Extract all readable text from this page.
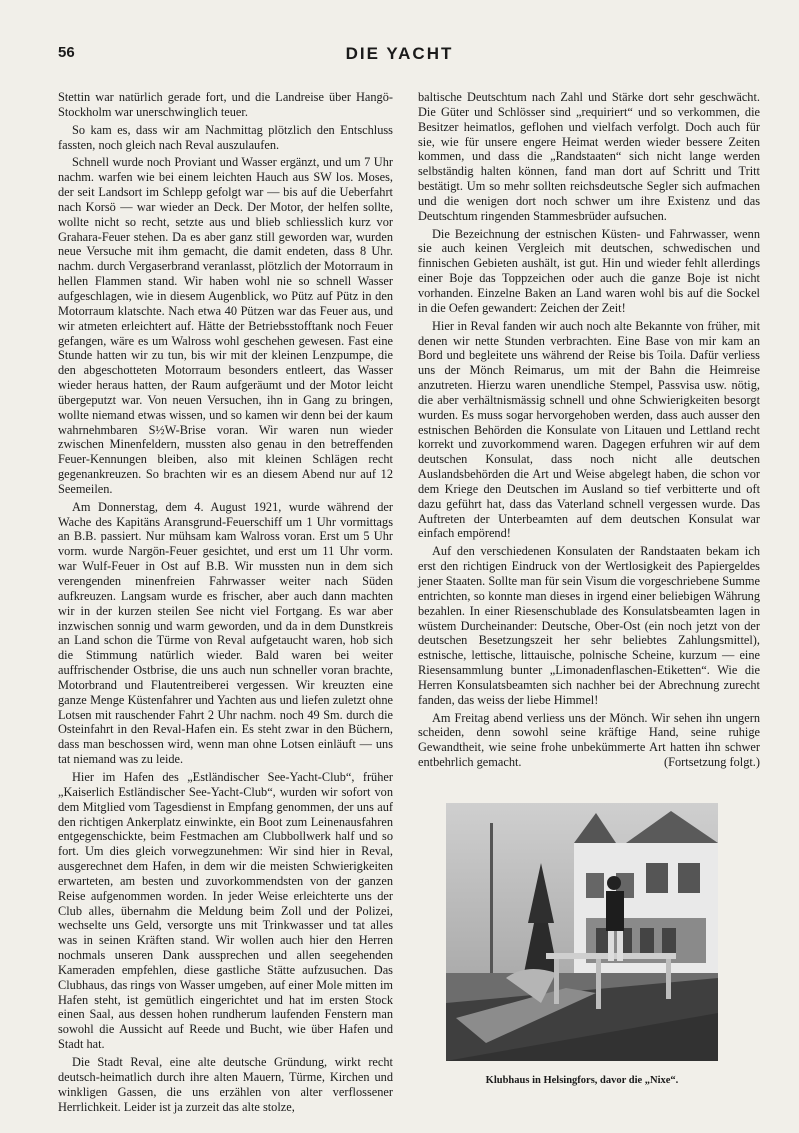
56	DIE YACHT

Stettin war natürlich gerade fort, und die Landreise über Hangö-Stockholm war unerschwinglich teuer.

So kam es, dass wir am Nachmittag plötzlich den Entschluss fassten, noch gleich nach Reval auszulaufen.

Schnell wurde noch Proviant und Wasser ergänzt, und um 7 Uhr nachm. warfen wie bei einem leichten Hauch aus SW los. Moses, der seit Landsort im Schlepp gefolgt war — bis auf die Ueberfahrt nach Korsö — war wieder an Deck. Der Motor, der helfen sollte, wollte nicht so recht, setzte aus und blieb schliesslich kurz vor Grahara-Feuer stehen. Da es aber ganz still geworden war, wurden neue Versuche mit ihm gemacht, die damit endeten, dass 8 Uhr. nachm. durch Vergaserbrand veranlasst, plötzlich der Motorraum in hellen Flammen stand. Wir haben wohl nie so schnell Wasser aufgeschlagen, wie in diesem Augenblick, wo Pütz auf Pütz in den Motorraum klatschte. Nach etwa 40 Pützen war das Feuer aus, und wir atmeten erleichtert auf. Hätte der Betriebsstofftank noch Feuer gefangen, wäre es um Walross wohl geschehen gewesen. Fast eine Stunde hatten wir zu tun, bis wir mit der kleinen Lenzpumpe, die den abgeschotteten Motorraum besonders entleert, das Wasser wieder heraus hatten, der Raum aufgeräumt und der Motor leicht übergeputzt war. Von neuen Versuchen, ihn in Gang zu bringen, wollte niemand etwas wissen, und so kamen wir denn bei der kaum wahrnehmbaren S½W-Brise voran. Wir waren nun wieder zwischen Minenfeldern, mussten also genau in den betreffenden Feuer-Kennungen bleiben, also mit kleinen Schlägen recht gegenankreuzen. So brachten wir es an diesem Abend nur auf 12 Seemeilen.

Am Donnerstag, dem 4. August 1921, wurde während der Wache des Kapitäns Aransgrund-Feuerschiff um 1 Uhr vormittags an B.B. passiert. Nur mühsam kam Walross voran. Erst um 5 Uhr vorm. wurde Nargön-Feuer gesichtet, und erst um 11 Uhr vorm. war Wulf-Feuer in Ost auf B.B. Wir mussten nun in dem sich verengenden minenfreien Fahrwasser weiter nach Süden aufkreuzen. Langsam wurde es frischer, aber auch dann machten wir in der kurzen steilen See nicht viel Fortgang. Es war aber inzwischen sonnig und warm geworden, und da in dem Dunstkreis an Land schon die Türme von Reval aufgetaucht waren, hob sich die Stimmung natürlich wieder. Bald waren bei weiter auffrischender Ostbrise, die uns auch nun schneller voran brachte, Motorbrand und Flautentreiberei vergessen. Wir kreuzten eine ganze Menge Küstenfahrer und Yachten aus und liefen zuletzt ohne Lotsen mit rauschender Fahrt 2 Uhr nachm. noch 49 Sm. durch die Osteinfahrt in den Reval-Hafen ein. Es steht zwar in den Büchern, dass man beschossen wird, wenn man ohne Lotsen einläuft — uns tat niemand was zu leide.

Hier im Hafen des „Estländischer See-Yacht-Club“, früher „Kaiserlich Estländischer See-Yacht-Club“, wurden wir sofort von dem Mitglied vom Tagesdienst in Empfang genommen, der uns auf den richtigen Ankerplatz einwinkte, ein Boot zum Leinenausfahren entgegenschickte, beim Festmachen am Clubbollwerk half und so fort. Um dies gleich vorwegzunehmen: Wir sind hier in Reval, ausgerechnet dem Hafen, in dem wir die meisten Schwierigkeiten erwarteten, am besten und zuvorkommendsten von der ganzen Reise aufgenommen worden. In jeder Weise erleichterte uns der Club alles, übernahm die Meldung beim Zoll und der Polizei, wechselte uns Geld, versorgte uns mit Trinkwasser und tat alles was in seinen Kräften stand. Wir wollen auch hier den Herren nochmals unseren Dank aussprechen und allen seegehenden Kameraden empfehlen, diese gastliche Stätte aufzusuchen. Das Clubhaus, das rings von Wasser umgeben, auf einer Mole mitten im Hafen steht, ist gemütlich eingerichtet und hat im ersten Stock einen Saal, aus dessen hohen rundherum laufenden Fenstern man sowohl die Aussicht auf Reede und Bucht, wie über Hafen und Stadt hat.

Die Stadt Reval, eine alte deutsche Gründung, wirkt recht deutsch-heimatlich durch ihre alten Mauern, Türme, Kirchen und winkligen Gassen, die uns erzählen von alter verflossener Herrlichkeit. Leider ist ja zurzeit das alte stolze,

baltische Deutschtum nach Zahl und Stärke dort sehr geschwächt. Die Güter und Schlösser sind „requiriert“ und so verkommen, die Besitzer heimatlos, geflohen und vielfach verfolgt. Doch auch für sie, wie für unsere engere Heimat werden wieder bessere Zeiten kommen, und dass die „Randstaaten“ sich nicht lange werden selbständig halten können, fand man dort auf Schritt und Tritt bestätigt. Um so mehr sollten reichsdeutsche Segler sich aufmachen und die wenigen dort noch schwer um ihre Existenz und das Deutschtum ringenden Stammesbrüder aufsuchen.

Die Bezeichnung der estnischen Küsten- und Fahrwasser, wenn sie auch keinen Vergleich mit deutschen, schwedischen und finnischen Gebieten aushält, ist gut. Hin und wieder fehlt allerdings einer Boje das Toppzeichen oder auch die ganze Boje ist nicht vorhanden. Einzelne Baken an Land waren wohl bis auf die Sockel in die Oefen gewandert: Zeichen der Zeit!

Hier in Reval fanden wir auch noch alte Bekannte von früher, mit denen wir nette Stunden verbrachten. Eine Base von mir kam an Bord und begleitete uns während der Reise bis Toila. Dafür verliess uns der Mönch Reimarus, um mit der Bahn die Heimreise anzutreten. Hierzu waren unendliche Stempel, Passvisa usw. nötig, die aber verhältnismässig schnell und ohne Schwierigkeiten besorgt wurden. Es muss sogar hervorgehoben werden, dass auch ausser den estnischen Behörden die Konsulate von Litauen und Lettland recht korrekt und zuvorkommend waren. Dagegen erfuhren wir auf dem deutschen Konsulat, dass noch nicht alle deutschen Auslandsbehörden die Art und Weise abgelegt haben, die schon vor dem Kriege den Deutschen im Ausland so tief verbitterte und oft dazu geführt hat, dass das Vaterland schnell vergessen wurde. Das Auftreten der Unterbeamten auf dem deutschen Konsulat war einfach empörend!

Auf den verschiedenen Konsulaten der Randstaaten bekam ich erst den richtigen Eindruck von der Wertlosigkeit des Papiergeldes jener Staaten. Sollte man für sein Visum die vorgeschriebene Summe entrichten, so konnte man dieses in irgend einer beliebigen Währung bezahlen. In einer Riesenschublade des Konsulatsbeamten lagen in wüstem Durcheinander: Deutsche, Ober-Ost (ein noch jetzt von der deutschen Besetzungszeit her sehr beliebtes Zahlungsmittel), estnische, lettische, littauische, polnische Scheine, kurzum — eine Riesensammlung bunter „Limonadenflaschen-Etiketten“. Wie die Herren Konsulatsbeamten sich nachher bei der Abrechnung zurecht fanden, das weiss der liebe Himmel!

Am Freitag abend verliess uns der Mönch. Wir sehen ihn ungern scheiden, denn sowohl seine kräftige Hand, seine ruhige Gewandtheit, wie seine frohe unbekümmerte Art hatten ihn schwer entbehrlich gemacht.	(Fortsetzung folgt.)

Klubhaus in Helsingfors, davor die „Nixe“.
